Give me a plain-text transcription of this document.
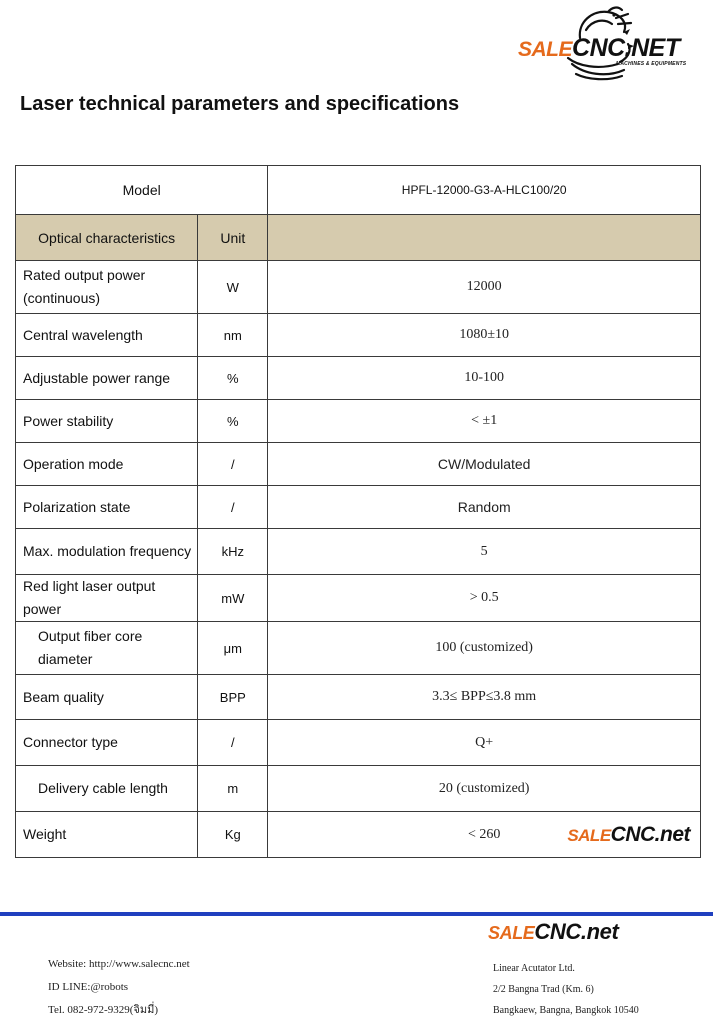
SALECNC.NET
MACHINES & EQUIPMENTS
Laser technical parameters and specifications
Model		HPFL-12000-G3-A-HLC100/20
Optical characteristics	Unit	
Rated output power (continuous)	W	12000
Central wavelength	nm	1080±10
Adjustable power range	%	10-100
Power stability	%	< ±1
Operation mode	/	CW/Modulated
Polarization state	/	Random
Max. modulation frequency	kHz	5
Red light laser output power	mW	> 0.5
Output fiber core diameter	μm	100 (customized)
Beam quality	BPP	3.3≤ BPP≤3.8 mm
Connector type	/	Q+
Delivery cable length	m	20 (customized)
Weight	Kg	< 260 SALECNC.net
SALECNC.net
Website: http://www.salecnc.net
ID LINE:@robots
Tel. 082-972-9329(จิมมี่)
Linear Acutator Ltd.
2/2 Bangna Trad (Km. 6)
Bangkaew, Bangna, Bangkok 10540
